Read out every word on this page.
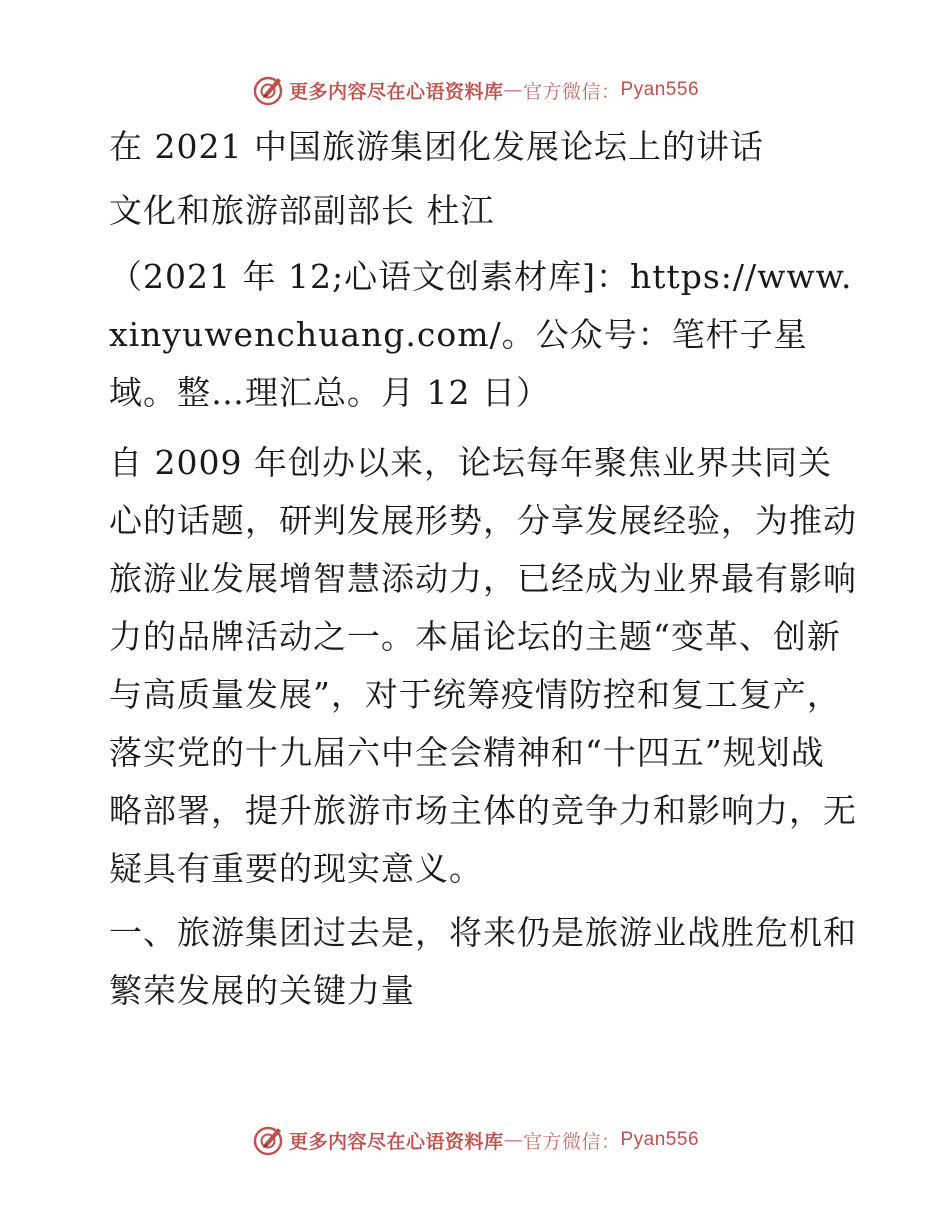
更多内容尽在心语资料库 — 官方微信： Pyan556
在 2021 中国旅游集团化发展论坛上的讲话
文化和旅游部副部长 杜江
（2021 年 12;心语文创素材库]：https://www.xinyuwenchuang.com/。公众号：笔杆子星域。整…理汇总。月 12 日）
自 2009 年创办以来，论坛每年聚焦业界共同关心的话题，研判发展形势，分享发展经验，为推动旅游业发展增智慧添动力，已经成为业界最有影响力的品牌活动之一。本届论坛的主题“变革、创新与高质量发展”，对于统筹疫情防控和复工复产，落实党的十九届六中全会精神和“十四五”规划战略部署，提升旅游市场主体的竞争力和影响力，无疑具有重要的现实意义。
一、旅游集团过去是，将来仍是旅游业战胜危机和繁荣发展的关键力量
更多内容尽在心语资料库 — 官方微信： Pyan556
